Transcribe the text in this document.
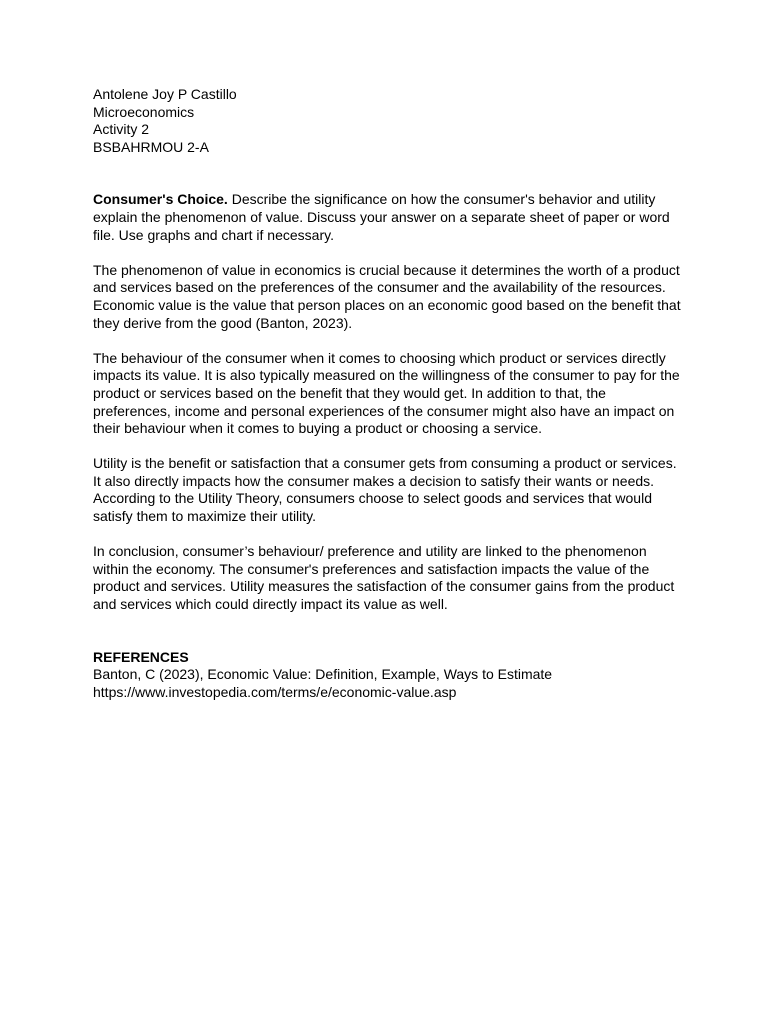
Antolene Joy P Castillo
Microeconomics
Activity 2
BSBAHRMOU 2-A

Consumer's Choice. Describe the significance on how the consumer's behavior and utility explain the phenomenon of value. Discuss your answer on a separate sheet of paper or word file. Use graphs and chart if necessary.

The phenomenon of value in economics is crucial because it determines the worth of a product and services based on the preferences of the consumer and the availability of the resources. Economic value is the value that person places on an economic good based on the benefit that they derive from the good (Banton, 2023).

The behaviour of the consumer when it comes to choosing which product or services directly impacts its value. It is also typically measured on the willingness of the consumer to pay for the product or services based on the benefit that they would get. In addition to that, the preferences, income and personal experiences of the consumer might also have an impact on their behaviour when it comes to buying a product or choosing a service.

Utility is the benefit or satisfaction that a consumer gets from consuming a product or services. It also directly impacts how the consumer makes a decision to satisfy their wants or needs. According to the Utility Theory, consumers choose to select goods and services that would satisfy them to maximize their utility.

In conclusion, consumer’s behaviour/ preference and utility are linked to the phenomenon within the economy. The consumer's preferences and satisfaction impacts the value of the product and services. Utility measures the satisfaction of the consumer gains from the product and services which could directly impact its value as well.

REFERENCES
Banton, C (2023), Economic Value: Definition, Example, Ways to Estimate
https://www.investopedia.com/terms/e/economic-value.asp
